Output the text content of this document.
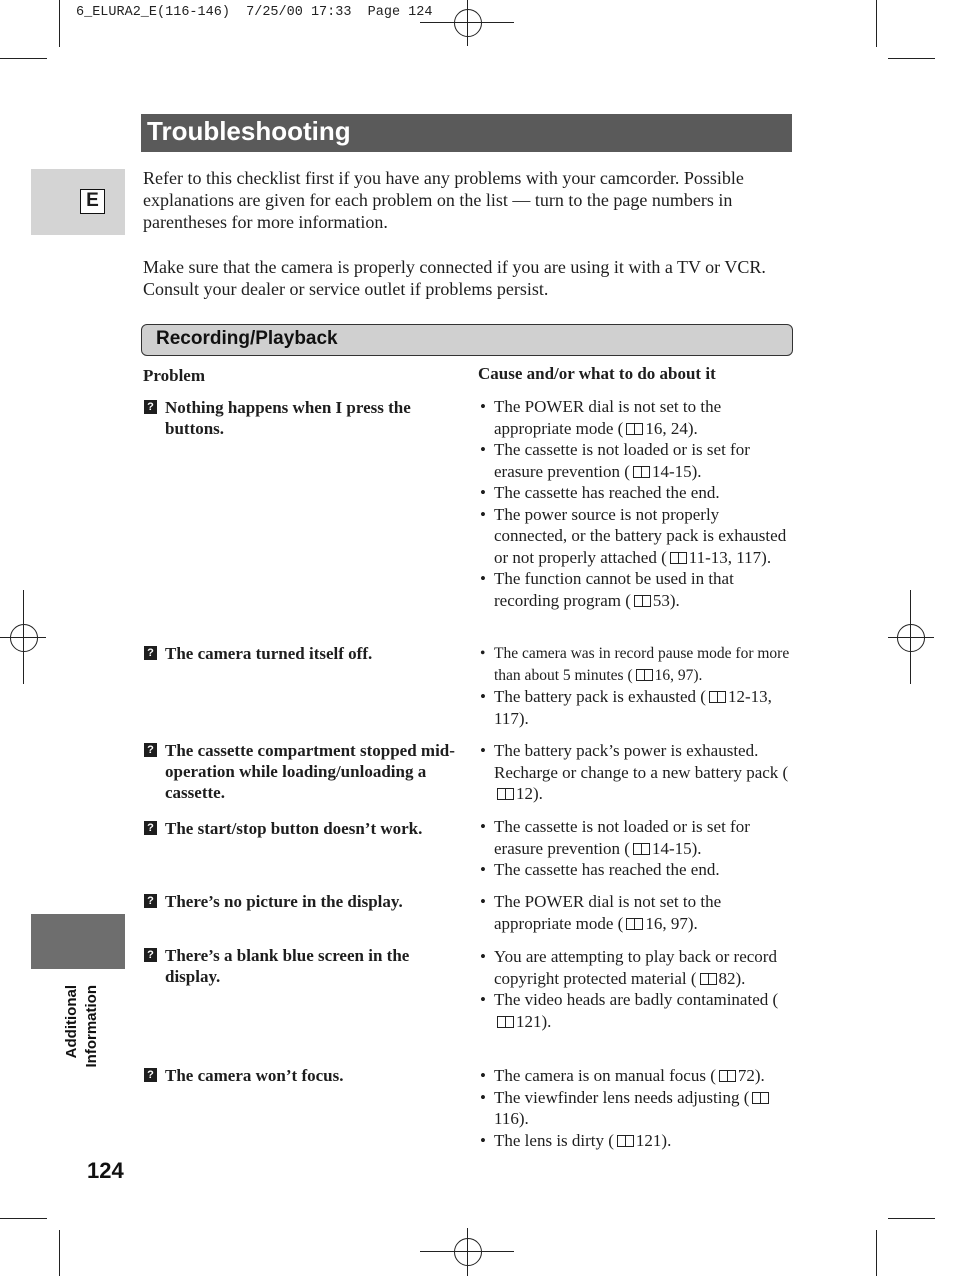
6_ELURA2_E(116-146)  7/25/00 17:33  Page 124
Troubleshooting
E
Additional Information
124

Refer to this checklist first if you have any problems with your camcorder. Possible explanations are given for each problem on the list — turn to the page numbers in parentheses for more information.

Make sure that the camera is properly connected if you are using it with a TV or VCR. Consult your dealer or service outlet if problems persist.

Recording/Playback
Problem	Cause and/or what to do about it
? Nothing happens when I press the buttons.
• The POWER dial is not set to the appropriate mode ( 16, 24).
• The cassette is not loaded or is set for erasure prevention ( 14-15).
• The cassette has reached the end.
• The power source is not properly connected, or the battery pack is exhausted or not properly attached ( 11-13, 117).
• The function cannot be used in that recording program ( 53).
? The camera turned itself off.	• The camera was in record pause mode for more than about 5 minutes ( 16, 97).
• The battery pack is exhausted ( 12-13, 117).
? The cassette compartment stopped mid-operation while loading/unloading a cassette.
• The battery pack’s power is exhausted. Recharge or change to a new battery pack (12).
? The start/stop button doesn’t work.	• The cassette is not loaded or is set for erasure prevention ( 14-15).
• The cassette has reached the end.
? There’s no picture in the display.	• The POWER dial is not set to the appropriate mode ( 16, 97).
? There’s a blank blue screen in the display.
• You are attempting to play back or record copyright protected material ( 82).
• The video heads are badly contaminated (121).
? The camera won’t focus.	• The camera is on manual focus ( 72).
• The viewfinder lens needs adjusting (116).
• The lens is dirty ( 121).
